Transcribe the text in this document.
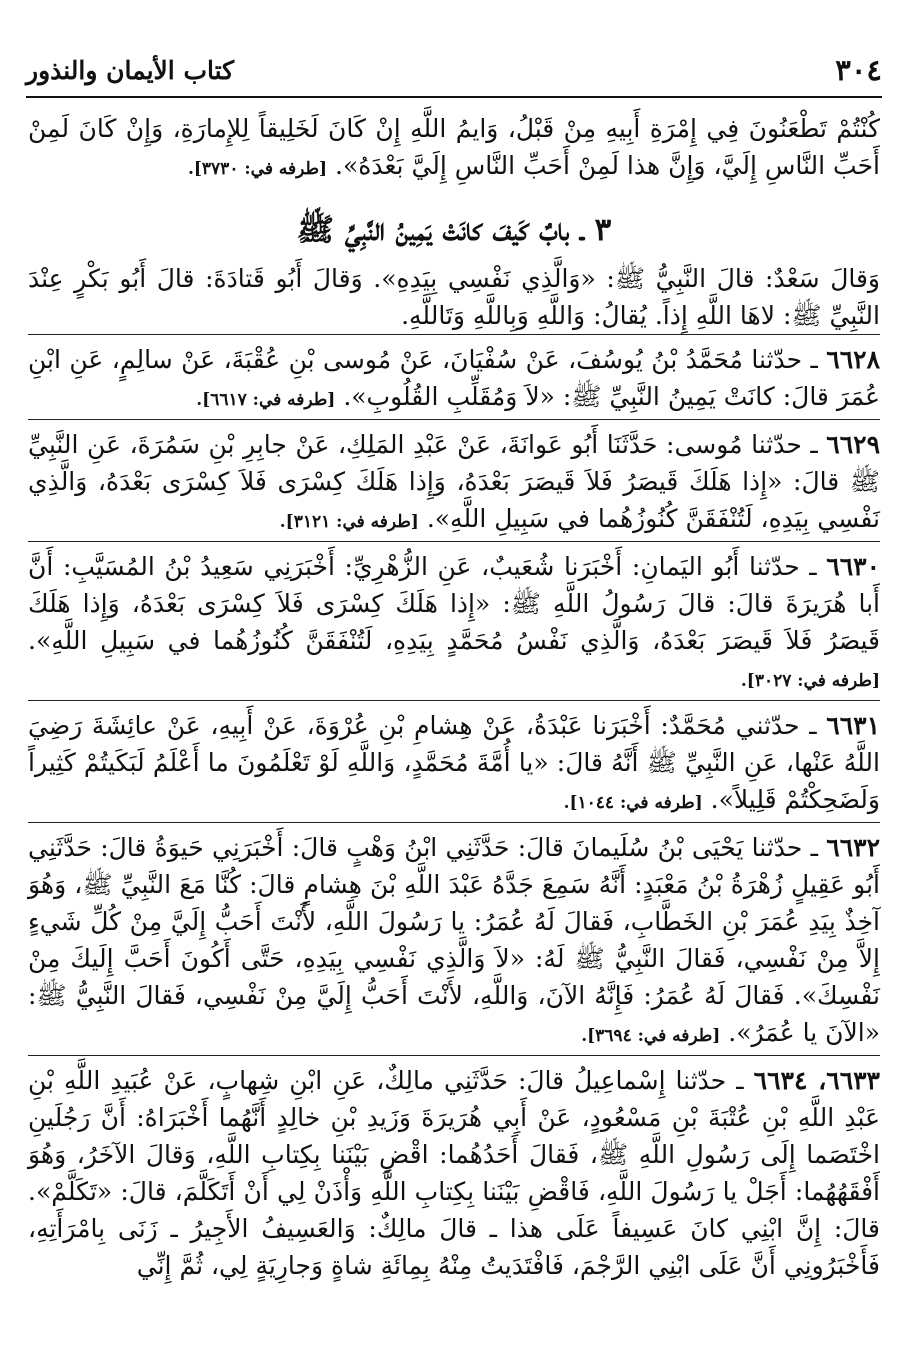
٣٠٤
كتاب الأيمان والنذور

كُنْتُمْ تَطْعَنُونَ فِي إِمْرَةِ أَبِيهِ مِنْ قَبْلُ، وَايمُ اللَّهِ إِنْ كَانَ لَخَلِيقاً لِلإِمارَةِ، وَإِنْ كَانَ لَمِنْ أَحَبِّ النَّاسِ إِلَيَّ، وَإِنَّ هذا لَمِنْ أَحَبِّ النَّاسِ إِلَيَّ بَعْدَهُ». [طرفه في: ٣٧٣٠].

٣ ـ بابٌ كَيفَ كانَتْ يَمِينُ النَّبِيِّ ﷺ

وَقالَ سَعْدٌ: قالَ النَّبِيُّ ﷺ: «وَالَّذِي نَفْسِي بِيَدِهِ». وَقالَ أَبُو قَتادَةَ: قالَ أَبُو بَكْرٍ عِنْدَ النَّبِيِّ ﷺ: لاهَا اللَّهِ إِذاً. يُقالُ: وَاللَّهِ وَبِاللَّهِ وَتَاللَّهِ.

٦٦٢٨ ـ حدّثنا مُحَمَّدُ بْنُ يُوسُفَ، عَنْ سُفْيَانَ، عَنْ مُوسى بْنِ عُقْبَةَ، عَنْ سالِمٍ، عَنِ ابْنِ عُمَرَ قالَ: كانَتْ يَمِينُ النَّبِيِّ ﷺ: «لاَ وَمُقَلِّبِ القُلُوبِ». [طرفه في: ٦٦١٧].

٦٦٢٩ ـ حدّثنا مُوسى: حَدَّثَنَا أَبُو عَوانَةَ، عَنْ عَبْدِ المَلِكِ، عَنْ جابِرِ بْنِ سَمُرَةَ، عَنِ النَّبِيِّ ﷺ قالَ: «إِذا هَلَكَ قَيصَرُ فَلاَ قَيصَرَ بَعْدَهُ، وَإِذا هَلَكَ كِسْرَى فَلاَ كِسْرَى بَعْدَهُ، وَالَّذِي نَفْسِي بِيَدِهِ، لَتُنْفَقَنَّ كُنُوزُهُما في سَبِيلِ اللَّهِ». [طرفه في: ٣١٢١].

٦٦٣٠ ـ حدّثنا أَبُو اليَمانِ: أَخْبَرَنا شُعَيبٌ، عَنِ الزُّهْرِيِّ: أَخْبَرَنِي سَعِيدُ بْنُ المُسَيَّبِ: أَنَّ أَبا هُرَيرَةَ قالَ: قالَ رَسُولُ اللَّهِ ﷺ: «إِذا هَلَكَ كِسْرَى فَلاَ كِسْرَى بَعْدَهُ، وَإِذا هَلَكَ قَيصَرُ فَلاَ قَيصَرَ بَعْدَهُ، وَالَّذِي نَفْسُ مُحَمَّدٍ بِيَدِهِ، لَتُنْفَقَنَّ كُنُوزُهُما في سَبِيلِ اللَّهِ». [طرفه في: ٣٠٢٧].

٦٦٣١ ـ حدّثني مُحَمَّدٌ: أَخْبَرَنا عَبْدَةُ، عَنْ هِشامِ بْنِ عُرْوَةَ، عَنْ أَبِيهِ، عَنْ عائِشَةَ رَضِيَ اللَّهُ عَنْها، عَنِ النَّبِيِّ ﷺ أَنَّهُ قالَ: «يا أُمَّةَ مُحَمَّدٍ، وَاللَّهِ لَوْ تَعْلَمُونَ ما أَعْلَمُ لَبَكَيتُمْ كَثِيراً وَلَضَحِكْتُمْ قَلِيلاً». [طرفه في: ١٠٤٤].

٦٦٣٢ ـ حدّثنا يَحْيَى بْنُ سُلَيمانَ قالَ: حَدَّثَنِي ابْنُ وَهْبٍ قالَ: أَخْبَرَنِي حَيوَةُ قالَ: حَدَّثَنِي أَبُو عَقِيلٍ زُهْرَةُ بْنُ مَعْبَدٍ: أَنَّهُ سَمِعَ جَدَّهُ عَبْدَ اللَّهِ بْنَ هِشامٍ قالَ: كُنَّا مَعَ النَّبِيِّ ﷺ، وَهُوَ آخِذٌ بِيَدِ عُمَرَ بْنِ الخَطَّابِ، فَقالَ لَهُ عُمَرُ: يا رَسُولَ اللَّهِ، لأَنْتَ أَحَبُّ إِلَيَّ مِنْ كُلِّ شَيءٍ إِلاَّ مِنْ نَفْسِي، فَقالَ النَّبِيُّ ﷺ لَهُ: «لاَ وَالَّذِي نَفْسِي بِيَدِهِ، حَتَّى أَكُونَ أَحَبَّ إِلَيكَ مِنْ نَفْسِكَ». فَقالَ لَهُ عُمَرُ: فَإِنَّهُ الآنَ، وَاللَّهِ، لأَنْتَ أَحَبُّ إِلَيَّ مِنْ نَفْسِي، فَقالَ النَّبِيُّ ﷺ: «الآنَ يا عُمَرُ». [طرفه في: ٣٦٩٤].

٦٦٣٣، ٦٦٣٤ ـ حدّثنا إِسْماعِيلُ قالَ: حَدَّثَنِي مالِكٌ، عَنِ ابْنِ شِهابٍ، عَنْ عُبَيدِ اللَّهِ بْنِ عَبْدِ اللَّهِ بْنِ عُتْبَةَ بْنِ مَسْعُودٍ، عَنْ أَبِي هُرَيرَةَ وَزَيدِ بْنِ خالِدٍ أَنَّهُما أَخْبَرَاهُ: أَنَّ رَجُلَينِ اخْتَصَما إِلَى رَسُولِ اللَّهِ ﷺ، فَقالَ أَحَدُهُما: اقْضِ بَيْنَنا بِكِتابِ اللَّهِ، وَقالَ الآخَرُ، وَهُوَ أَفْقَهُهُما: أَجَلْ يا رَسُولَ اللَّهِ، فَاقْضِ بَيْنَنا بِكِتابِ اللَّهِ وَأْذَنْ لِي أَنْ أَتَكَلَّمَ، قالَ: «تَكَلَّمْ». قالَ: إِنَّ ابْنِي كانَ عَسِيفاً عَلَى هذا ـ قالَ مالِكٌ: وَالعَسِيفُ الأَجِيرُ ـ زَنَى بِامْرَأَتِهِ، فَأَخْبَرُونِي أَنَّ عَلَى ابْنِي الرَّجْمَ، فَافْتَدَيتُ مِنْهُ بِمِائَةِ شاةٍ وَجارِيَةٍ لِي، ثُمَّ إِنِّي
